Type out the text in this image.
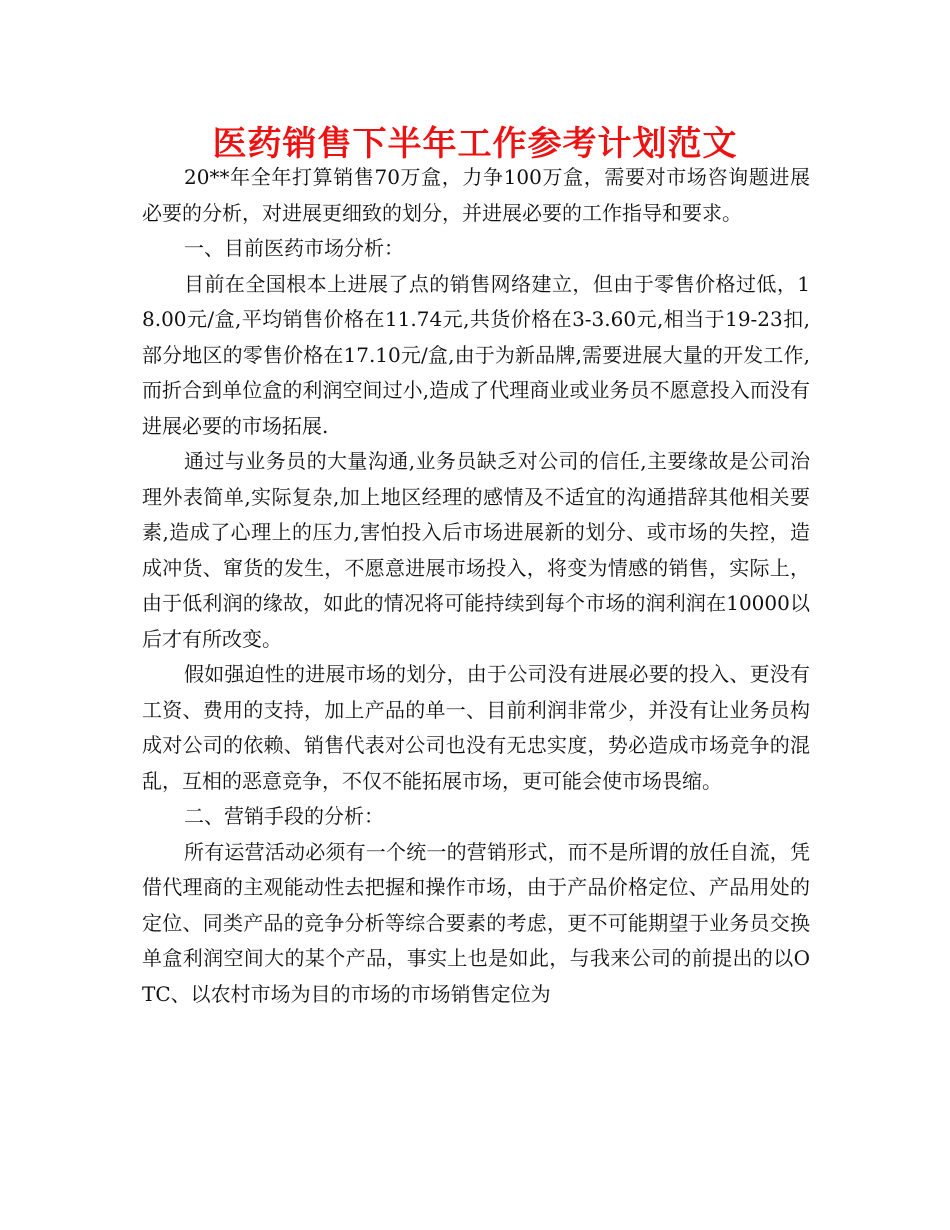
医药销售下半年工作参考计划范文

20**年全年打算销售70万盒，力争100万盒，需要对市场咨询题进展必要的分析，对进展更细致的划分，并进展必要的工作指导和要求。

一、目前医药市场分析：

目前在全国根本上进展了点的销售网络建立，但由于零售价格过低，18.00元/盒,平均销售价格在11.74元,共货价格在3-3.60元,相当于19-23扣,部分地区的零售价格在17.10元/盒,由于为新品牌,需要进展大量的开发工作,而折合到单位盒的利润空间过小,造成了代理商业或业务员不愿意投入而没有进展必要的市场拓展.

通过与业务员的大量沟通,业务员缺乏对公司的信任,主要缘故是公司治理外表简单,实际复杂,加上地区经理的感情及不适宜的沟通措辞其他相关要素,造成了心理上的压力,害怕投入后市场进展新的划分、或市场的失控，造成冲货、窜货的发生，不愿意进展市场投入，将变为情感的销售，实际上，由于低利润的缘故，如此的情况将可能持续到每个市场的润利润在10000以后才有所改变。

假如强迫性的进展市场的划分，由于公司没有进展必要的投入、更没有工资、费用的支持，加上产品的单一、目前利润非常少，并没有让业务员构成对公司的依赖、销售代表对公司也没有无忠实度，势必造成市场竞争的混乱，互相的恶意竞争，不仅不能拓展市场，更可能会使市场畏缩。

二、营销手段的分析：

所有运营活动必须有一个统一的营销形式，而不是所谓的放任自流，凭借代理商的主观能动性去把握和操作市场，由于产品价格定位、产品用处的定位、同类产品的竞争分析等综合要素的考虑，更不可能期望于业务员交换单盒利润空间大的某个产品，事实上也是如此，与我来公司的前提出的以OTC、以农村市场为目的市场的市场销售定位为
